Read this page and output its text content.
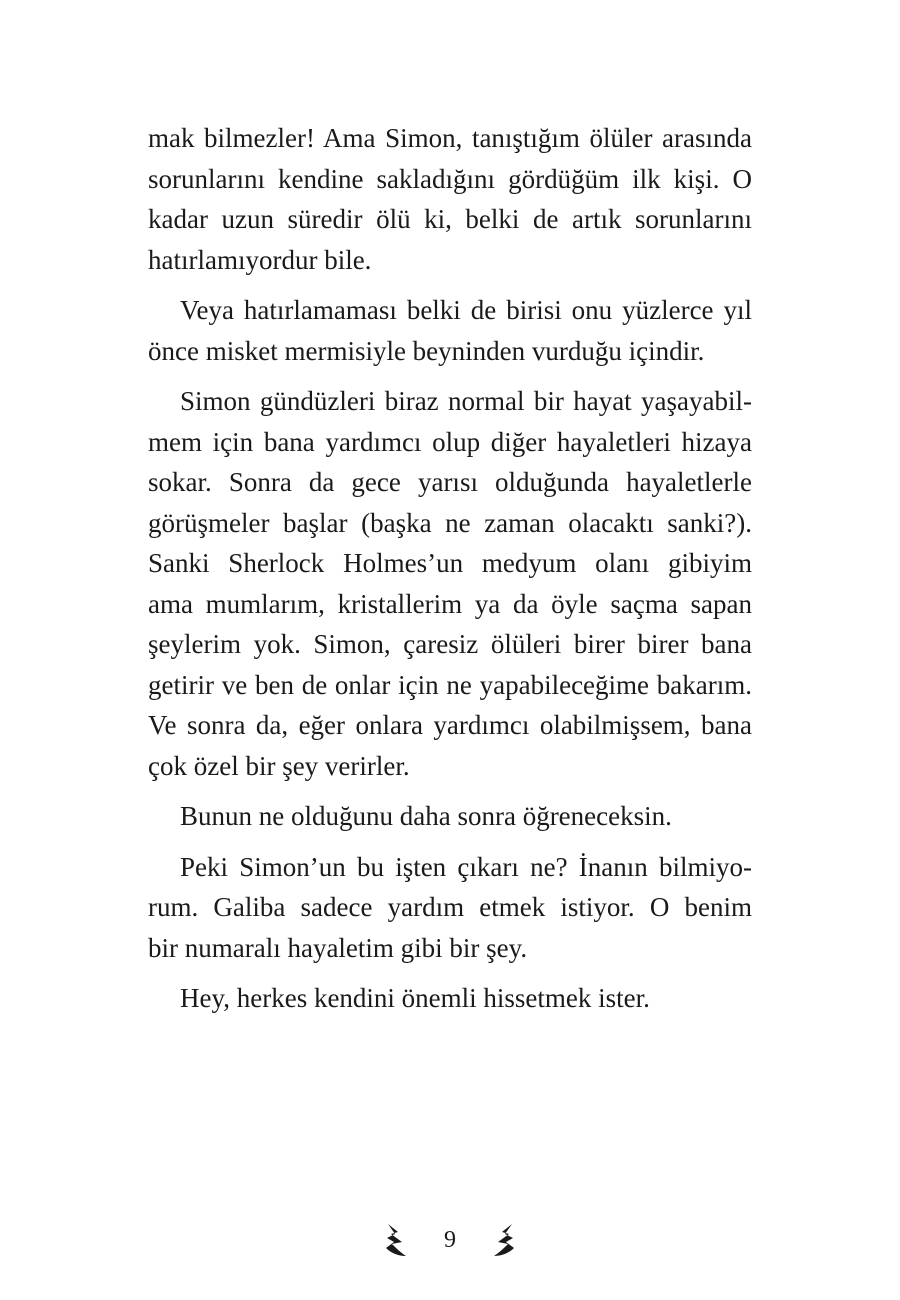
mak bilmezler! Ama Simon, tanıştığım ölüler arasında
sorunlarını kendine sakladığını gördüğüm ilk kişi. O
kadar uzun süredir ölü ki, belki de artık sorunlarını
hatırlamıyordur bile.

Veya hatırlamaması belki de birisi onu yüzlerce yıl
önce misket mermisiyle beyninden vurduğu içindir.

Simon gündüzleri biraz normal bir hayat yaşayabil-
mem için bana yardımcı olup diğer hayaletleri hizaya
sokar. Sonra da gece yarısı olduğunda hayaletlerle
görüşmeler başlar (başka ne zaman olacaktı sanki?).
Sanki Sherlock Holmes’un medyum olanı gibiyim
ama mumlarım, kristallerim ya da öyle saçma sapan
şeylerim yok. Simon, çaresiz ölüleri birer birer bana
getirir ve ben de onlar için ne yapabileceğime bakarım.
Ve sonra da, eğer onlara yardımcı olabilmişsem, bana
çok özel bir şey verirler.

Bunun ne olduğunu daha sonra öğreneceksin.

Peki Simon’un bu işten çıkarı ne? İnanın bilmiyo-
rum. Galiba sadece yardım etmek istiyor. O benim
bir numaralı hayaletim gibi bir şey.

Hey, herkes kendini önemli hissetmek ister.

9
